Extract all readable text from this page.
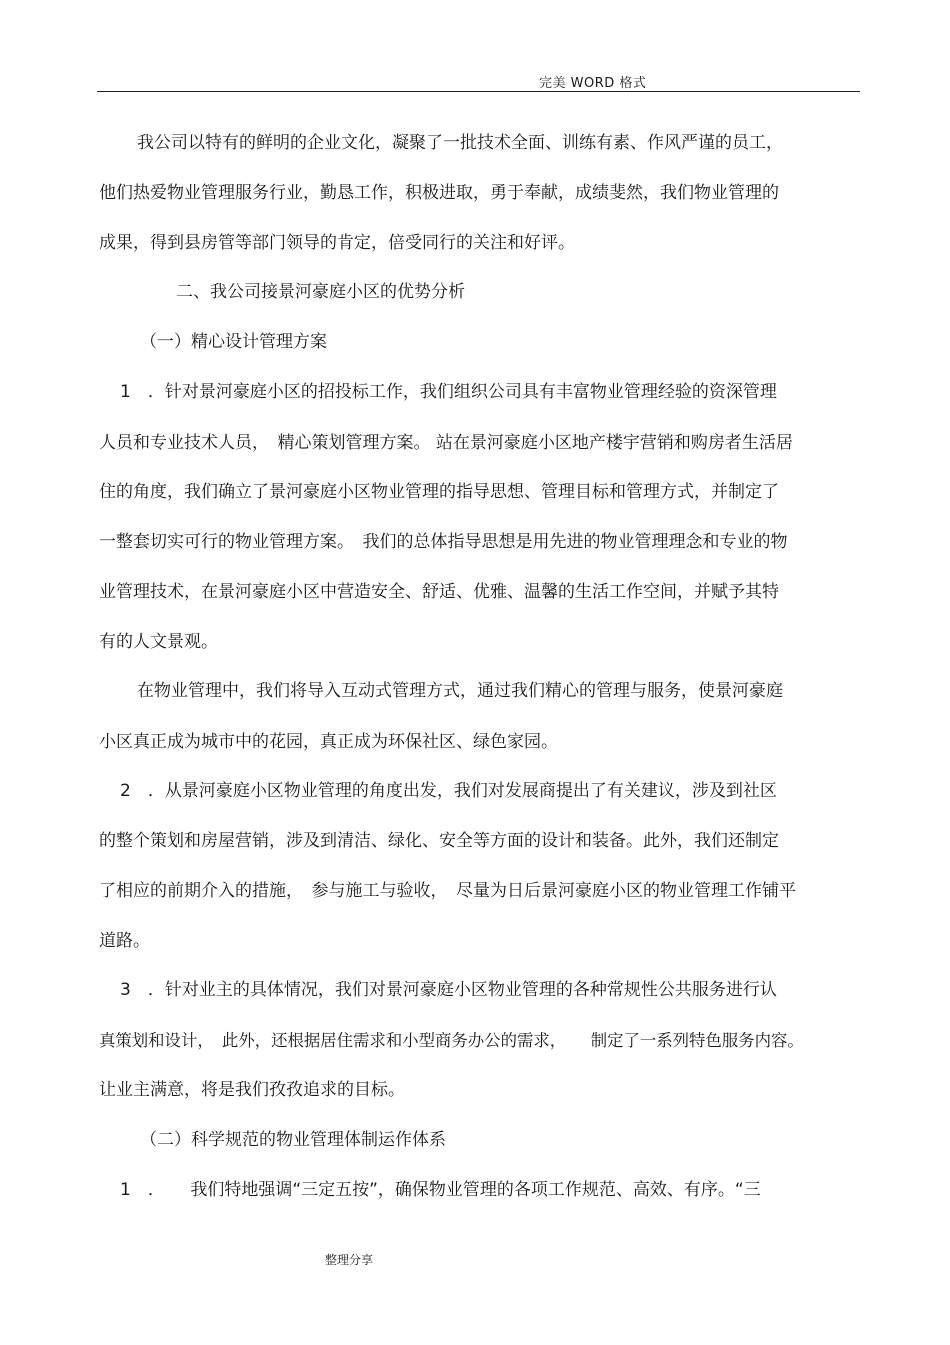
完美 WORD 格式
我公司以特有的鲜明的企业文化，凝聚了一批技术全面、训练有素、作风严谨的员工，
他们热爱物业管理服务行业，勤恳工作，积极进取，勇于奉献，成绩斐然，我们物业管理的
成果，得到县房管等部门领导的肯定，倍受同行的关注和好评。
二、我公司接景河豪庭小区的优势分析
（一）精心设计管理方案
1　．针对景河豪庭小区的招投标工作，我们组织公司具有丰富物业管理经验的资深管理
人员和专业技术人员，　精心策划管理方案。 站在景河豪庭小区地产楼宇营销和购房者生活居
住的角度，我们确立了景河豪庭小区物业管理的指导思想、管理目标和管理方式，并制定了
一整套切实可行的物业管理方案。　我们的总体指导思想是用先进的物业管理理念和专业的物
业管理技术，在景河豪庭小区中营造安全、舒适、优雅、温馨的生活工作空间，并赋予其特
有的人文景观。
在物业管理中，我们将导入互动式管理方式，通过我们精心的管理与服务，使景河豪庭
小区真正成为城市中的花园，真正成为环保社区、绿色家园。
2　．从景河豪庭小区物业管理的角度出发，我们对发展商提出了有关建议，涉及到社区
的整个策划和房屋营销，涉及到清洁、绿化、安全等方面的设计和装备。此外，我们还制定
了相应的前期介入的措施，　参与施工与验收，　尽量为日后景河豪庭小区的物业管理工作铺平
道路。
3　．针对业主的具体情况，我们对景河豪庭小区物业管理的各种常规性公共服务进行认
真策划和设计，　此外，还根据居住需求和小型商务办公的需求，　　制定了一系列特色服务内容。
让业主满意，将是我们孜孜追求的目标。
（二）科学规范的物业管理体制运作体系
1　．　　我们特地强调“三定五按”，确保物业管理的各项工作规范、高效、有序。“三
整理分享
